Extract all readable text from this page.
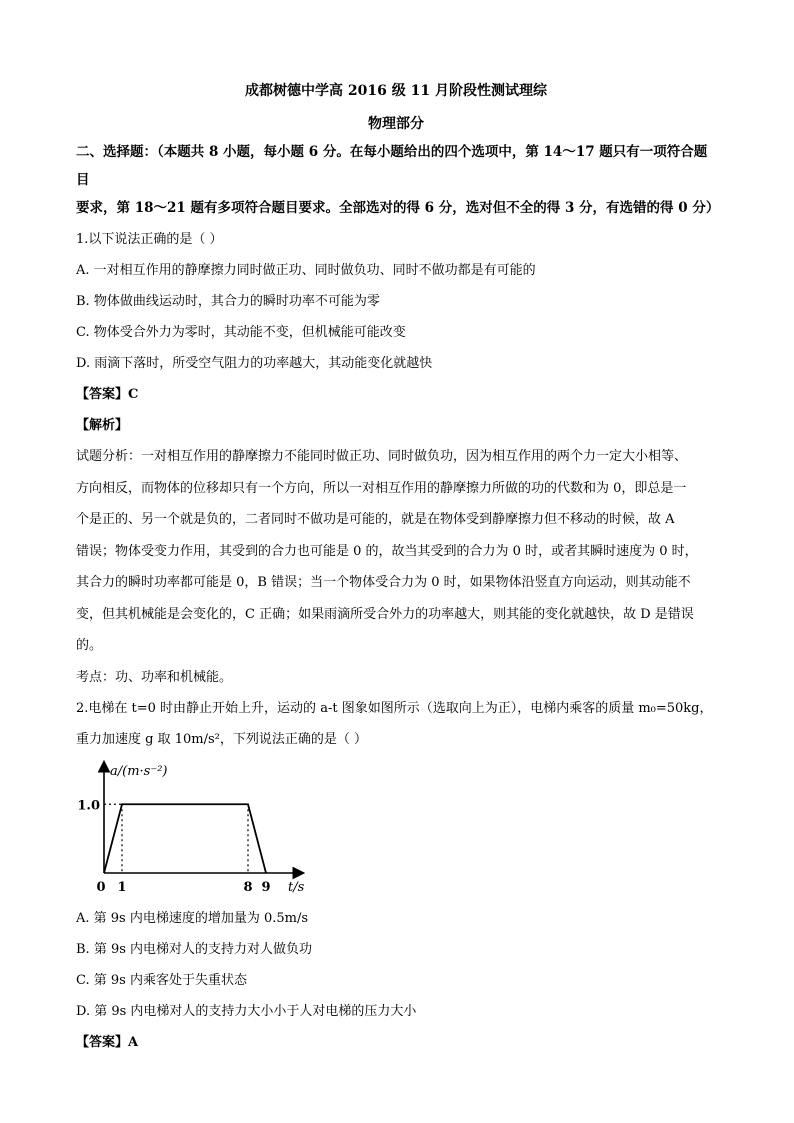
成都树德中学高 2016 级 11 月阶段性测试理综
物理部分
二、选择题：（本题共 8 小题，每小题 6 分。在每小题给出的四个选项中，第 14～17 题只有一项符合题目
要求，第 18～21 题有多项符合题目要求。全部选对的得 6 分，选对但不全的得 3 分，有选错的得 0 分）

1.以下说法正确的是（ ）

A. 一对相互作用的静摩擦力同时做正功、同时做负功、同时不做功都是有可能的

B. 物体做曲线运动时，其合力的瞬时功率不可能为零

C. 物体受合外力为零时，其动能不变，但机械能可能改变

D. 雨滴下落时，所受空气阻力的功率越大，其动能变化就越快

【答案】C

【解析】

试题分析：一对相互作用的静摩擦力不能同时做正功、同时做负功，因为相互作用的两个力一定大小相等、
方向相反，而物体的位移却只有一个方向，所以一对相互作用的静摩擦力所做的功的代数和为 0，即总是一
个是正的、另一个就是负的，二者同时不做功是可能的，就是在物体受到静摩擦力但不移动的时候，故 A
错误；物体受变力作用，其受到的合力也可能是 0 的，故当其受到的合力为 0 时，或者其瞬时速度为 0 时，
其合力的瞬时功率都可能是 0，B 错误；当一个物体受合力为 0 时，如果物体沿竖直方向运动，则其动能不
变，但其机械能是会变化的，C 正确；如果雨滴所受合外力的功率越大，则其能的变化就越快，故 D 是错误
的。

考点：功、功率和机械能。

2.电梯在 t=0 时由静止开始上升，运动的 a-t 图象如图所示（选取向上为正），电梯内乘客的质量 m₀=50kg，

重力加速度 g 取 10m/s²，下列说法正确的是（ ）

a/(m·s⁻²)
t/s
1.0
0 1	8 9

A. 第 9s 内电梯速度的增加量为 0.5m/s

B. 第 9s 内电梯对人的支持力对人做负功

C. 第 9s 内乘客处于失重状态

D. 第 9s 内电梯对人的支持力大小小于人对电梯的压力大小

【答案】A
